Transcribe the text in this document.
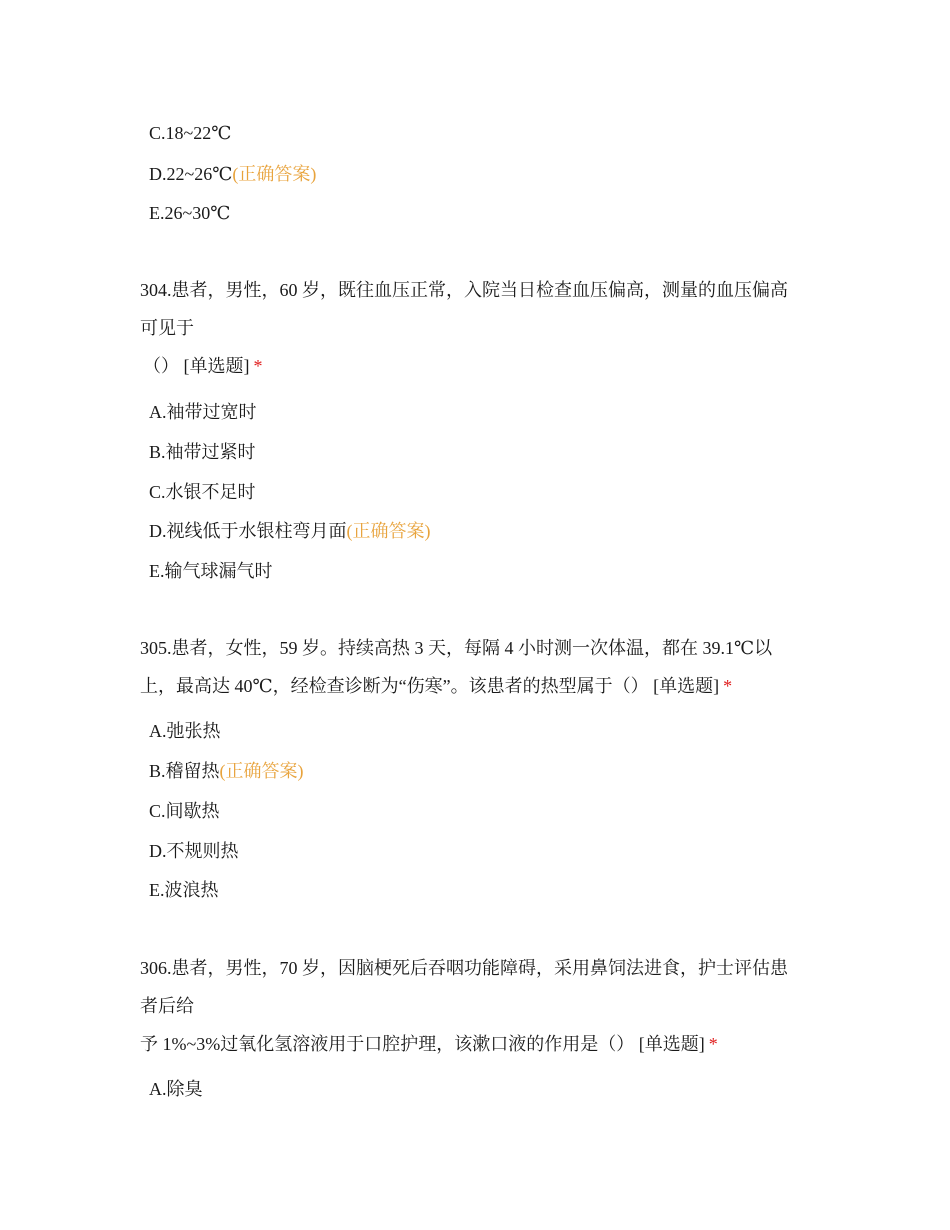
C.18~22℃
D.22~26℃(正确答案)
E.26~30℃
304.患者，男性，60 岁，既往血压正常，入院当日检查血压偏高，测量的血压偏高
可见于
（） [单选题] *
A.袖带过宽时
B.袖带过紧时
C.水银不足时
D.视线低于水银柱弯月面(正确答案)
E.输气球漏气时
305.患者，女性，59 岁。持续高热 3 天，每隔 4 小时测一次体温，都在 39.1℃以
上，最高达 40℃，经检查诊断为“伤寒”。该患者的热型属于（） [单选题] *
A.弛张热
B.稽留热(正确答案)
C.间歇热
D.不规则热
E.波浪热
306.患者，男性，70 岁，因脑梗死后吞咽功能障碍，采用鼻饲法进食，护士评估患
者后给
予 1%~3%过氧化氢溶液用于口腔护理，该漱口液的作用是（） [单选题] *
A.除臭
